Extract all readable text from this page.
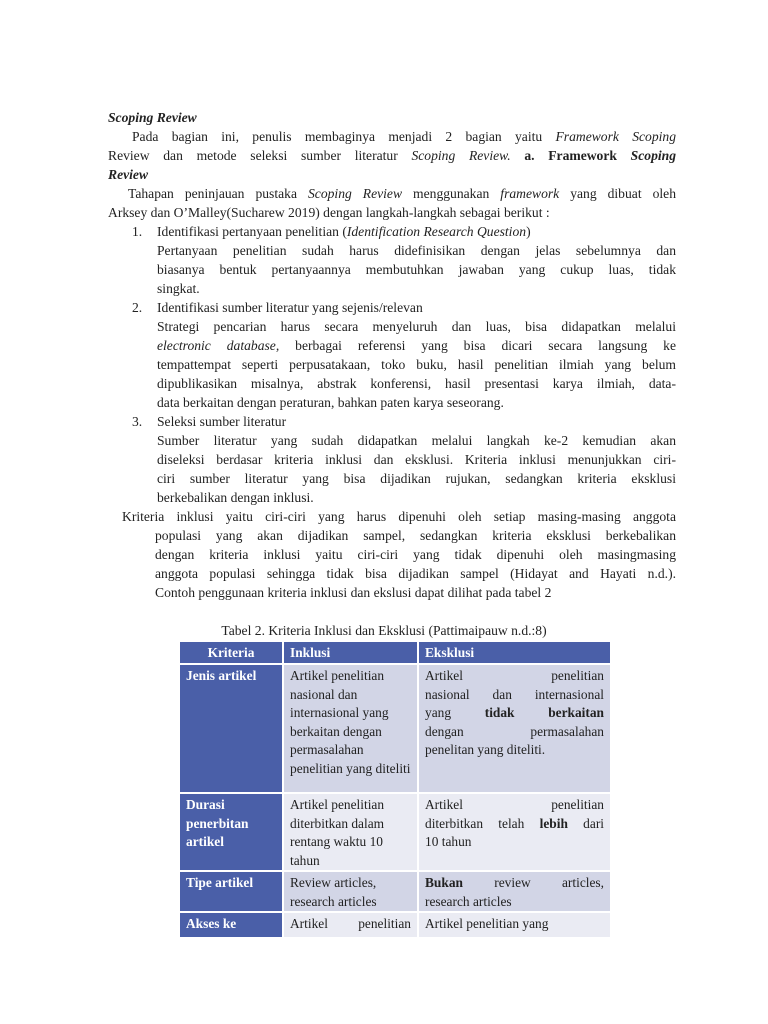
Scoping Review
Pada bagian ini, penulis membaginya menjadi 2 bagian yaitu Framework Scoping
Review dan metode seleksi sumber literatur Scoping Review. a. Framework Scoping
Review
Tahapan peninjauan pustaka Scoping Review menggunakan framework yang dibuat oleh
Arksey dan O’Malley(Sucharew 2019) dengan langkah-langkah sebagai berikut :
1. Identifikasi pertanyaan penelitian (Identification Research Question)
Pertanyaan penelitian sudah harus didefinisikan dengan jelas sebelumnya dan
biasanya bentuk pertanyaannya membutuhkan jawaban yang cukup luas, tidak
singkat.
2. Identifikasi sumber literatur yang sejenis/relevan
Strategi pencarian harus secara menyeluruh dan luas, bisa didapatkan melalui
electronic database, berbagai referensi yang bisa dicari secara langsung ke
tempattempat seperti perpusatakaan, toko buku, hasil penelitian ilmiah yang belum
dipublikasikan misalnya, abstrak konferensi, hasil presentasi karya ilmiah, data-
data berkaitan dengan peraturan, bahkan paten karya seseorang.
3. Seleksi sumber literatur
Sumber literatur yang sudah didapatkan melalui langkah ke-2 kemudian akan
diseleksi berdasar kriteria inklusi dan eksklusi. Kriteria inklusi menunjukkan ciri-
ciri sumber literatur yang bisa dijadikan rujukan, sedangkan kriteria eksklusi
berkebalikan dengan inklusi.
Kriteria inklusi yaitu ciri-ciri yang harus dipenuhi oleh setiap masing-masing anggota
populasi yang akan dijadikan sampel, sedangkan kriteria eksklusi berkebalikan
dengan kriteria inklusi yaitu ciri-ciri yang tidak dipenuhi oleh masingmasing
anggota populasi sehingga tidak bisa dijadikan sampel (Hidayat and Hayati n.d.).
Contoh penggunaan kriteria inklusi dan ekslusi dapat dilihat pada tabel 2
Tabel 2. Kriteria Inklusi dan Eksklusi (Pattimaipauw n.d.:8)
Kriteria	Inklusi	Eksklusi
Jenis artikel	Artikel penelitian nasional dan internasional yang berkaitan dengan permasalahan penelitian yang diteliti	Artikel penelitian
nasional dan internasional
yang tidak berkaitan
dengan permasalahan
penelitan yang diteliti.

Durasi penerbitan artikel	Artikel penelitian diterbitkan dalam rentang waktu 10 tahun	Artikel penelitian
diterbitkan telah lebih dari
10 tahun

Tipe artikel	Review articles, research articles	Bukan review articles,
research articles

Akses ke	Artikel penelitian	Artikel penelitian yang
